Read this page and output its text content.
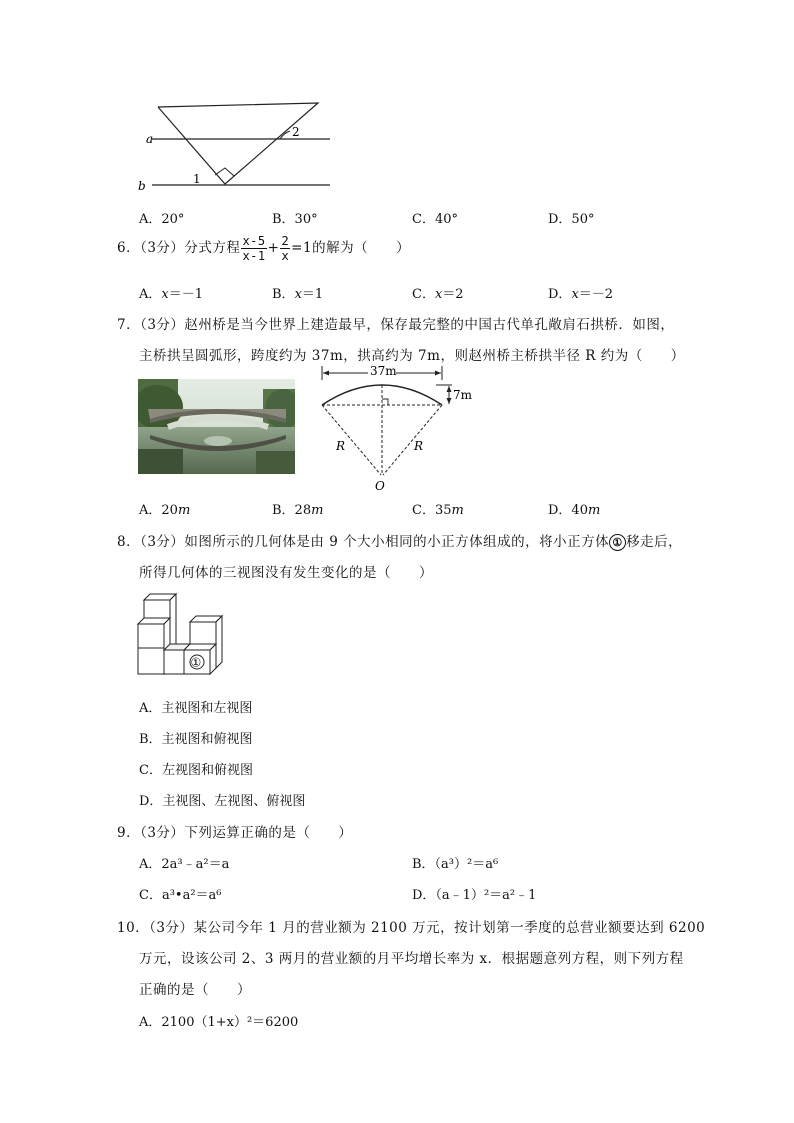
a
b	1
2
A．20°	B．30°	C．40°	D．50°
6．（3分）分式方程 $\frac{x-5}{x-1} + \frac{2}{x} =1$的解为（　　）
A．x＝－1	B．x＝1	C．x＝2	D．x＝－2
7．（3分）赵州桥是当今世界上建造最早，保存最完整的中国古代单孔敞肩石拱桥．如图，
主桥拱呈圆弧形，跨度约为 37m，拱高约为 7m，则赵州桥主桥拱半径 R 约为（　　）
37m
7m
R	R
O
A．20m	B．28m	C．35m	D．40m
8．（3分）如图所示的几何体是由 9 个大小相同的小正方体组成的，将小正方体 ① 移走后，
所得几何体的三视图没有发生变化的是（　　）
①
A．主视图和左视图
B．主视图和俯视图
C．左视图和俯视图
D．主视图、左视图、俯视图
9．（3分）下列运算正确的是（　　）
A．2a³﹣a²＝a	B．（a³）²＝a⁶
C．a³•a²＝a⁶	D．（a﹣1）²＝a²﹣1
10．（3分）某公司今年 1 月的营业额为 2100 万元，按计划第一季度的总营业额要达到 6200
万元，设该公司 2、3 两月的营业额的月平均增长率为 x．根据题意列方程，则下列方程
正确的是（　　）
A．2100（1+x）²＝6200
